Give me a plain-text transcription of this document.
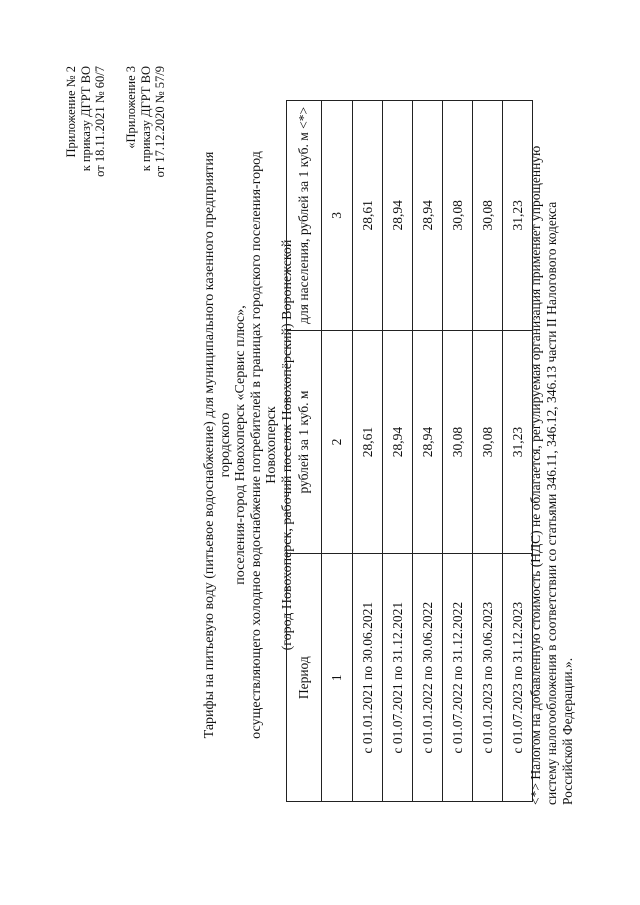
Приложение № 2 к приказу ДГРТ ВО от 18.11.2021 № 60/7 «Приложение 3 к приказу ДГРТ ВО от 17.12.2020 № 57/9
Тарифы на питьевую воду (питьевое водоснабжение) для муниципального казенного предприятия городского поселения-город Новохоперск «Сервис плюс», осуществляющего холодное водоснабжение потребителей в границах городского поселения-город Новохоперск (город Новохоперск, рабочий поселок Новохопёрский) Воронежской
Период	рублей за 1 куб. м	для населения, рублей за 1 куб. м <*>
1	2	3
с 01.01.2021 по 30.06.2021	28,61	28,61
с 01.07.2021 по 31.12.2021	28,94	28,94
с 01.01.2022 по 30.06.2022	28,94	28,94
с 01.07.2022 по 31.12.2022	30,08	30,08
с 01.01.2023 по 30.06.2023	30,08	30,08
с 01.07.2023 по 31.12.2023	31,23	31,23 <*> Налогом на добавленную стоимость (НДС) не облагается, регулируемая организация применяет упрощенную систему налогообложения в соответствии со статьями 346.11, 346.12, 346.13 части II Налогового кодекса Российской Федерации.».
